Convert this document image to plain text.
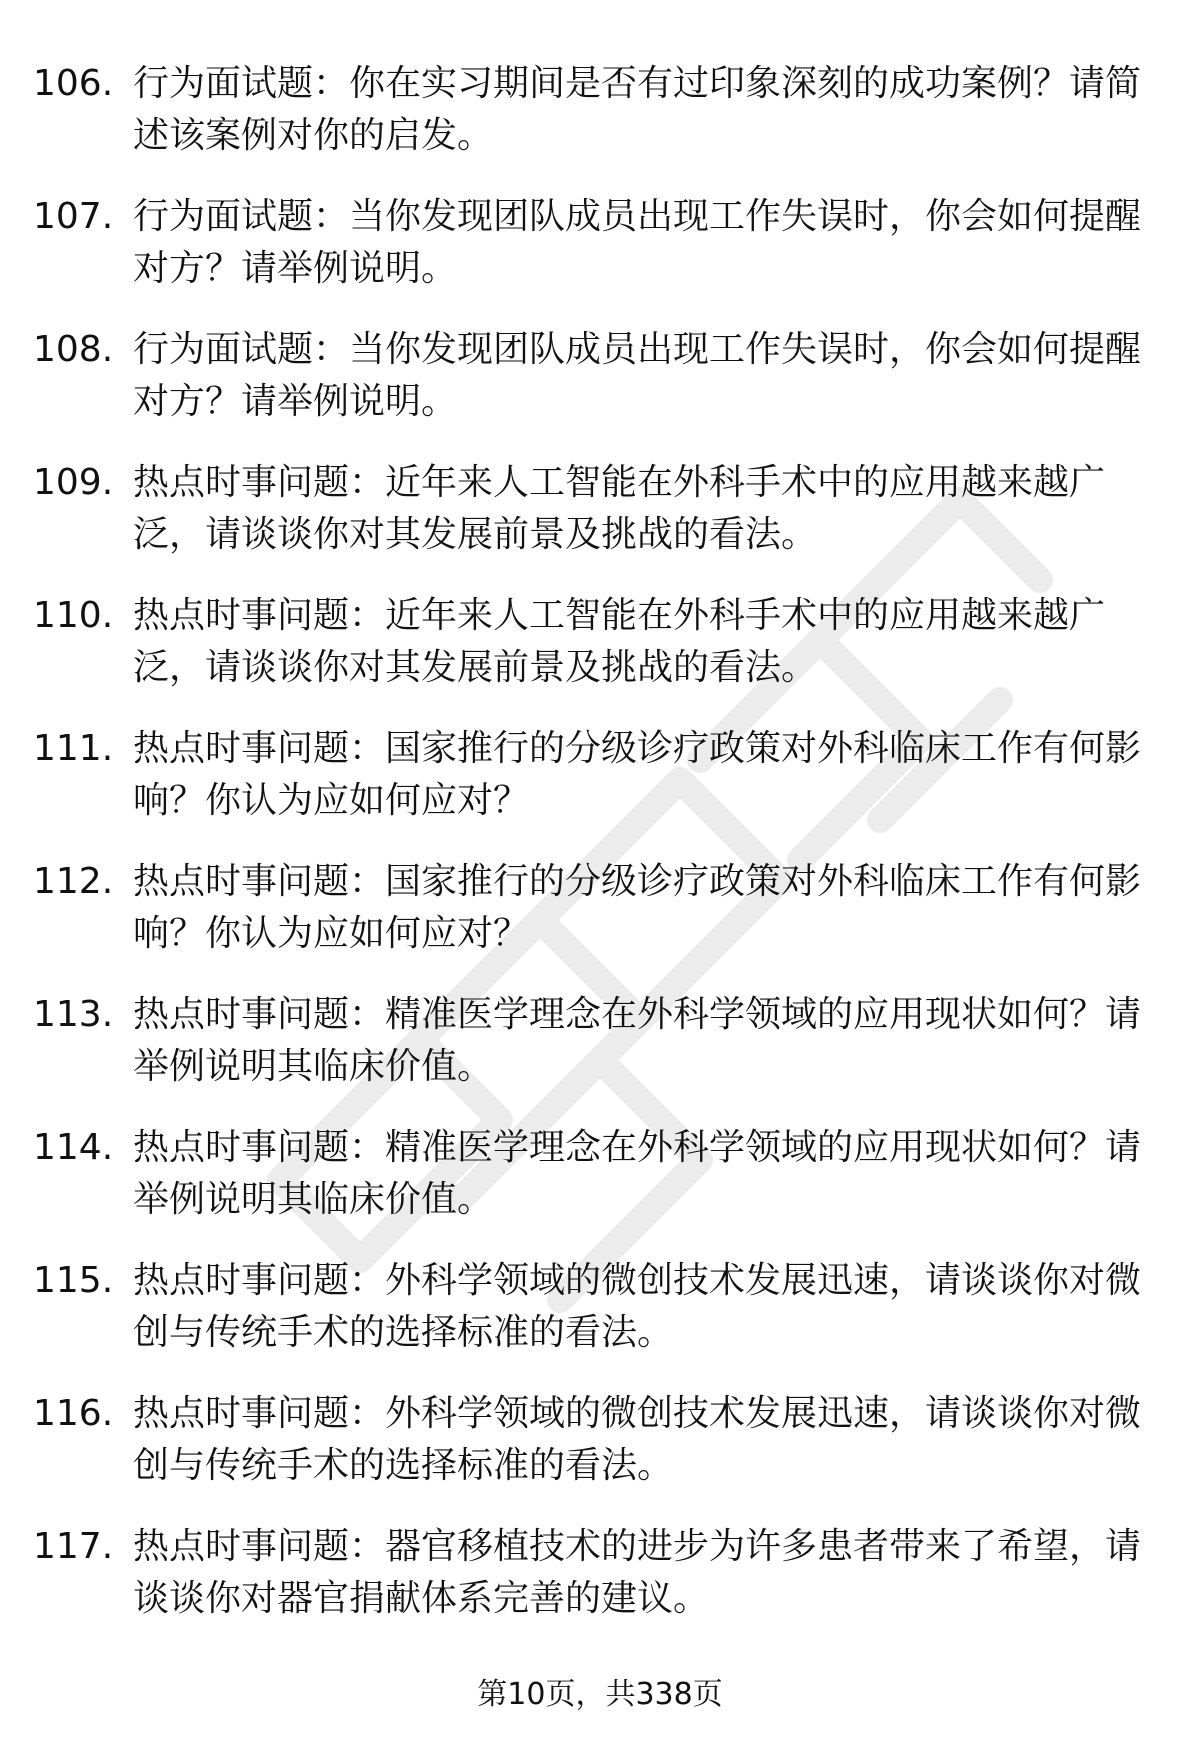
106. 行为面试题：你在实习期间是否有过印象深刻的成功案例？请简述该案例对你的启发。
107. 行为面试题：当你发现团队成员出现工作失误时，你会如何提醒对方？请举例说明。
108. 行为面试题：当你发现团队成员出现工作失误时，你会如何提醒对方？请举例说明。
109. 热点时事问题：近年来人工智能在外科手术中的应用越来越广泛，请谈谈你对其发展前景及挑战的看法。
110. 热点时事问题：近年来人工智能在外科手术中的应用越来越广泛，请谈谈你对其发展前景及挑战的看法。
111. 热点时事问题：国家推行的分级诊疗政策对外科临床工作有何影响？你认为应如何应对？
112. 热点时事问题：国家推行的分级诊疗政策对外科临床工作有何影响？你认为应如何应对？
113. 热点时事问题：精准医学理念在外科学领域的应用现状如何？请举例说明其临床价值。
114. 热点时事问题：精准医学理念在外科学领域的应用现状如何？请举例说明其临床价值。
115. 热点时事问题：外科学领域的微创技术发展迅速，请谈谈你对微创与传统手术的选择标准的看法。
116. 热点时事问题：外科学领域的微创技术发展迅速，请谈谈你对微创与传统手术的选择标准的看法。
117. 热点时事问题：器官移植技术的进步为许多患者带来了希望，请谈谈你对器官捐献体系完善的建议。
第10页，共338页
